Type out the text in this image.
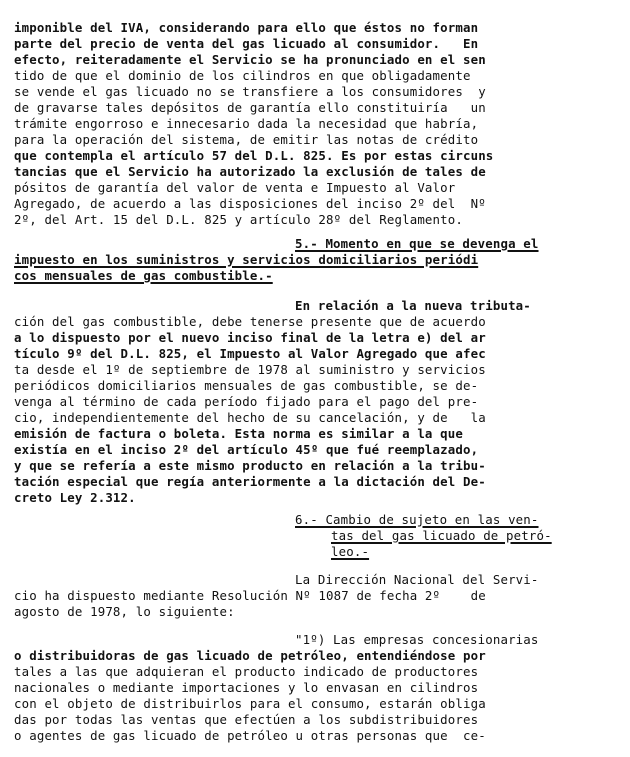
imponible del IVA, considerando para ello que éstos no forman
parte del precio de venta del gas licuado al consumidor.   En
efecto, reiteradamente el Servicio se ha pronunciado en el sen
tido de que el dominio de los cilindros en que obligadamente
se vende el gas licuado no se transfiere a los consumidores  y
de gravarse tales depósitos de garantía ello constituiría   un
trámite engorroso e innecesario dada la necesidad que habría,
para la operación del sistema, de emitir las notas de crédito
que contempla el artículo 57 del D.L. 825. Es por estas circuns
tancias que el Servicio ha autorizado la exclusión de tales de
pósitos de garantía del valor de venta e Impuesto al Valor
Agregado, de acuerdo a las disposiciones del inciso 2º del  Nº
2º, del Art. 15 del D.L. 825 y artículo 28º del Reglamento.
5.- Momento en que se devenga el
impuesto en los suministros y servicios domiciliarios periódi
cos mensuales de gas combustible.-
En relación a la nueva tributa-
ción del gas combustible, debe tenerse presente que de acuerdo
a lo dispuesto por el nuevo inciso final de la letra e) del ar
tículo 9º del D.L. 825, el Impuesto al Valor Agregado que afec
ta desde el 1º de septiembre de 1978 al suministro y servicios
periódicos domiciliarios mensuales de gas combustible, se de-
venga al término de cada período fijado para el pago del pre-
cio, independientemente del hecho de su cancelación, y de   la
emisión de factura o boleta. Esta norma es similar a la que
existía en el inciso 2º del artículo 45º que fué reemplazado,
y que se refería a este mismo producto en relación a la tribu-
tación especial que regía anteriormente a la dictación del De-
creto Ley 2.312.
6.- Cambio de sujeto en las ven-
tas del gas licuado de petró-
leo.-
La Dirección Nacional del Servi-
cio ha dispuesto mediante Resolución Nº 1087 de fecha 2º    de
agosto de 1978, lo siguiente:
"1º) Las empresas concesionarias
o distribuidoras de gas licuado de petróleo, entendiéndose por
tales a las que adquieran el producto indicado de productores
nacionales o mediante importaciones y lo envasan en cilindros
con el objeto de distribuirlos para el consumo, estarán obliga
das por todas las ventas que efectúen a los subdistribuidores
o agentes de gas licuado de petróleo u otras personas que  ce-
